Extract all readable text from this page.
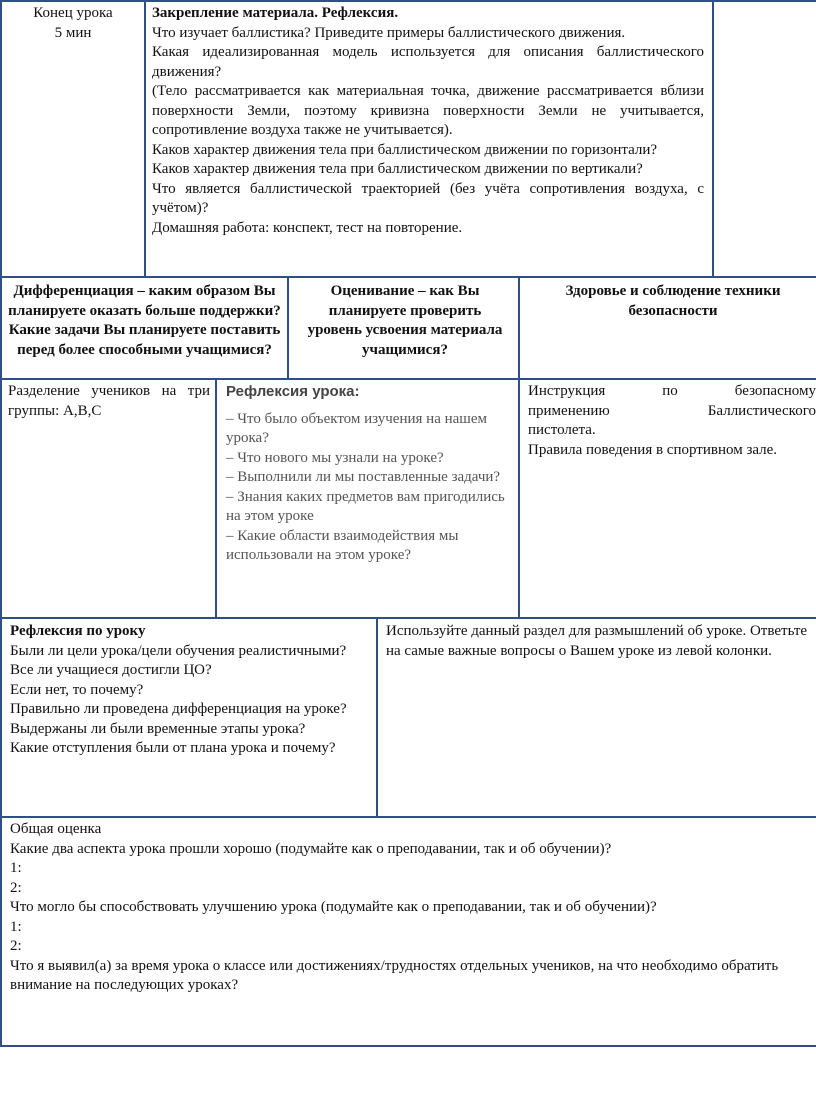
Конец урока
5 мин
Закрепление материала. Рефлексия.
Что изучает баллистика? Приведите примеры баллистического движения.
Какая идеализированная модель используется для описания баллистического движения?
(Тело рассматривается как материальная точка, движение рассматривается вблизи поверхности Земли, поэтому кривизна поверхности Земли не учитывается, сопротивление воздуха также не учитывается).
Каков характер движения тела при баллистическом движении по горизонтали?
Каков характер движения тела при баллистическом движении по вертикали?
Что является баллистической траекторией (без учёта сопротивления воздуха, с учётом)?
Домашняя работа: конспект, тест на повторение.
Дифференциация – каким образом Вы планируете оказать больше поддержки? Какие задачи Вы планируете поставить перед более способными учащимися?
Оценивание – как Вы планируете проверить уровень усвоения материала учащимися?
Здоровье и соблюдение техники безопасности
Разделение учеников на три группы: А,В,С
Рефлексия урока:
– Что было объектом изучения на нашем урока?
– Что нового мы узнали на уроке?
– Выполнили ли мы поставленные задачи?
– Знания каких предметов вам пригодились на этом уроке
– Какие области взаимодействия мы использовали на этом уроке?
Инструкция по безопасному
применению Баллистического
пистолета.
Правила поведения в спортивном зале.
Рефлексия по уроку
Были ли цели урока/цели обучения реалистичными?
Все ли учащиеся достигли ЦО?
Если нет, то почему?
Правильно ли проведена дифференциация на уроке?
Выдержаны ли были временные этапы урока?
Какие отступления были от плана урока и почему?
Используйте данный раздел для размышлений об уроке. Ответьте на самые важные вопросы о Вашем уроке из левой колонки.
Общая оценка
Какие два аспекта урока прошли хорошо (подумайте как о преподавании, так и об обучении)?
1:
2:
Что могло бы способствовать улучшению урока (подумайте как о преподавании, так и об обучении)?
1:
2:
Что я выявил(а) за время урока о классе или достижениях/трудностях отдельных учеников, на что необходимо обратить внимание на последующих уроках?
